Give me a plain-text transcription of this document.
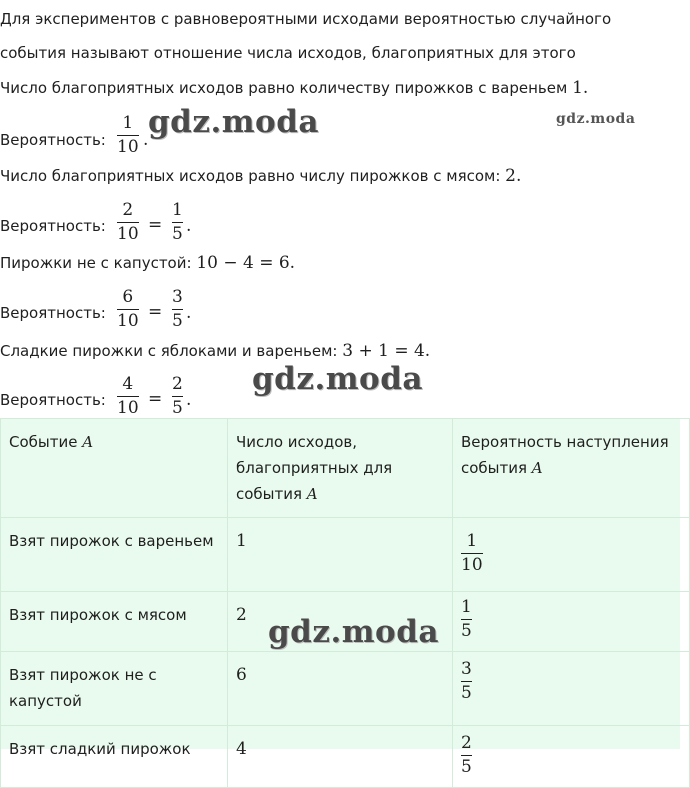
Для экспериментов с равновероятными исходами вероятностью случайного
события называют отношение числа исходов, благоприятных для этого
Число благоприятных исходов равно количеству пирожков с вареньем 1.
Вероятность:
1
10 .
Число благоприятных исходов равно числу пирожков с мясом: 2.
Вероятность:
2
10 =
1
5 .
Пирожки не с капустой: 10 − 4 = 6.
Вероятность:
6
10 =
3
5 .
Сладкие пирожки с яблоками и вареньем: 3 + 1 = 4.
Вероятность:
4
10 =
2
5 .
Событие A	Число исходов, благоприятных для события A	Вероятность наступления события A
Взят пирожок с вареньем	1	$\frac{1}{10}$

Взят пирожок с мясом	2	$\frac{1}{5}$

Взят пирожок не с капустой	6	$\frac{3}{5}$

Взят сладкий пирожок	4	$\frac{2}{5}$
gdz.moda	gdz.moda
gdz.moda
gdz.moda
